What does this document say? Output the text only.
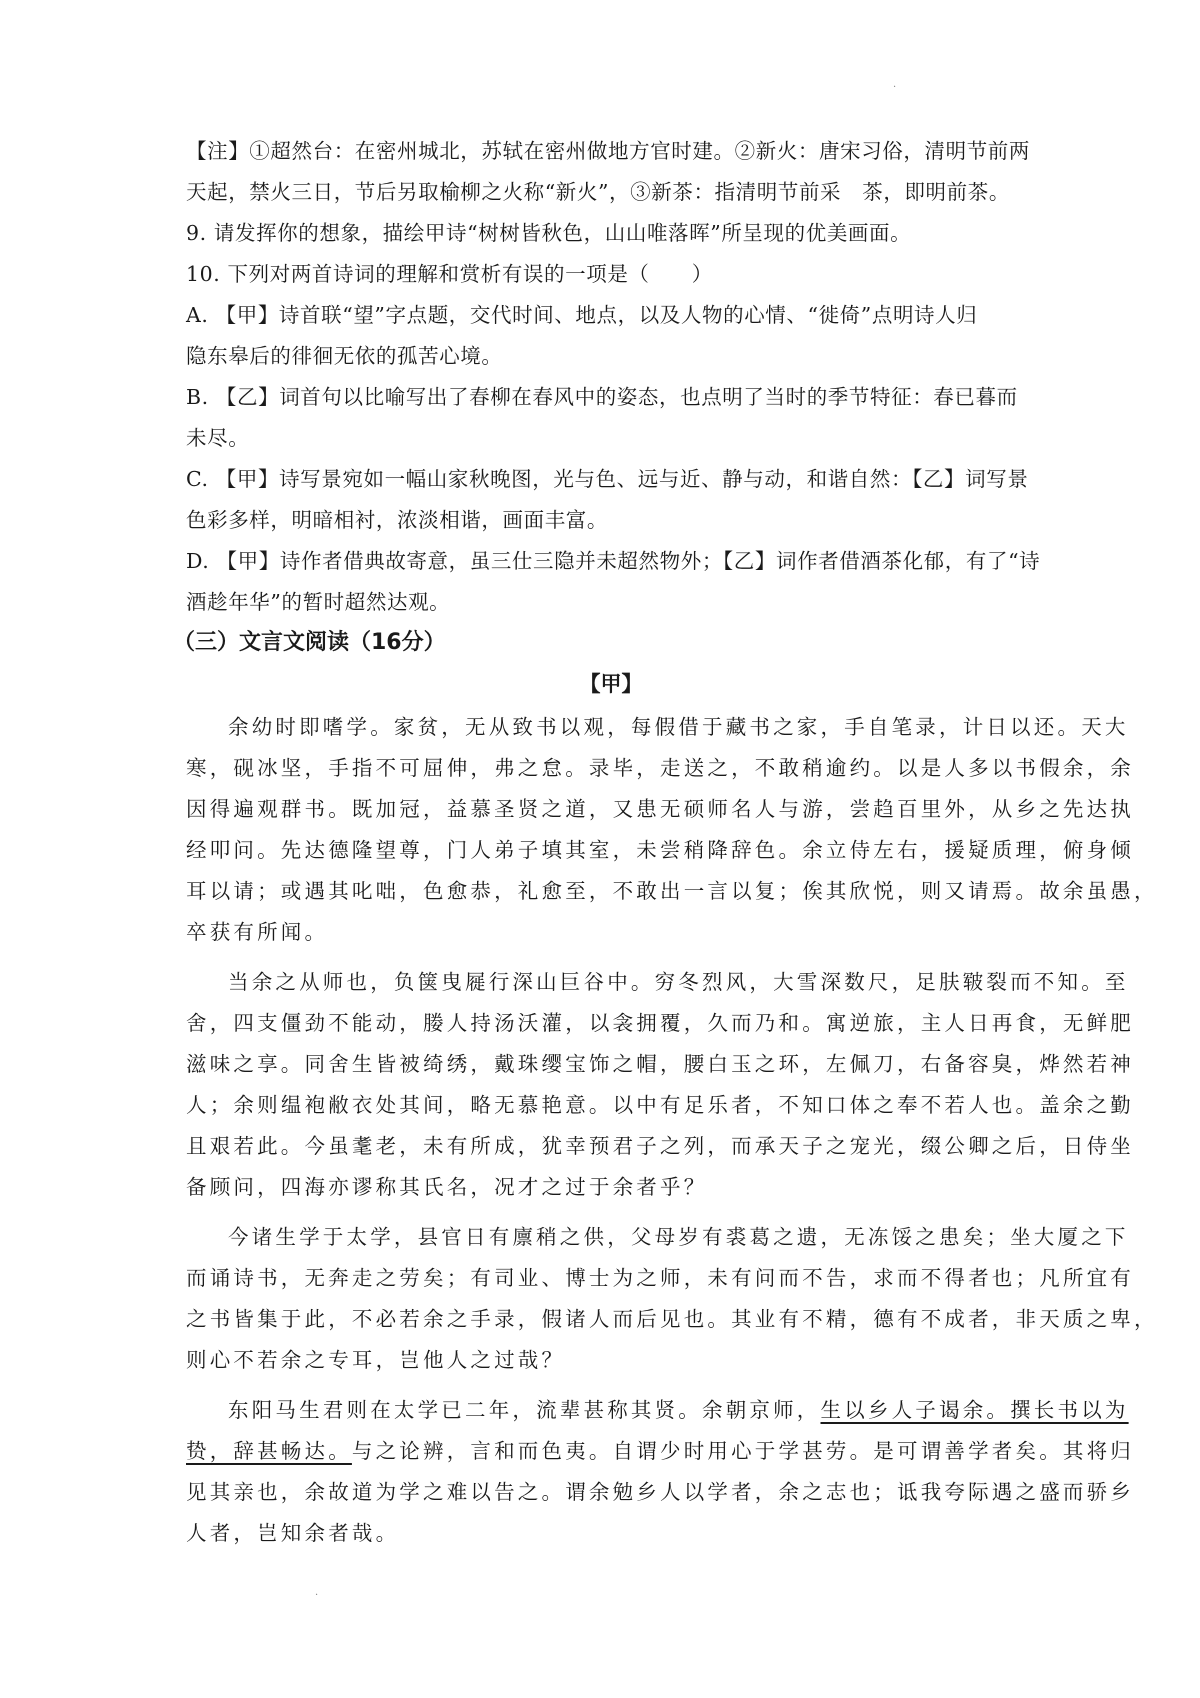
·
【注】①超然台：在密州城北，苏轼在密州做地方官时建。②新火：唐宋习俗，清明节前两
天起，禁火三日，节后另取榆柳之火称“新火”，③新茶：指清明节前采　茶，即明前茶。
9. 请发挥你的想象，描绘甲诗“树树皆秋色，山山唯落晖”所呈现的优美画面。
10. 下列对两首诗词的理解和赏析有误的一项是（　　）
A. 【甲】诗首联“望”字点题，交代时间、地点，以及人物的心情、“徙倚”点明诗人归
隐东皋后的徘徊无依的孤苦心境。
B. 【乙】词首句以比喻写出了春柳在春风中的姿态，也点明了当时的季节特征：春已暮而
未尽。
C. 【甲】诗写景宛如一幅山家秋晚图，光与色、远与近、静与动，和谐自然：【乙】词写景
色彩多样，明暗相衬，浓淡相谐，画面丰富。
D. 【甲】诗作者借典故寄意，虽三仕三隐并未超然物外；【乙】词作者借酒茶化郁，有了“诗
酒趁年华”的暂时超然达观。
（三）文言文阅读（16分）
【甲】
余幼时即嗜学。家贫，无从致书以观，每假借于藏书之家，手自笔录，计日以还。天大
寒，砚冰坚，手指不可屈伸，弗之怠。录毕，走送之，不敢稍逾约。以是人多以书假余，余
因得遍观群书。既加冠，益慕圣贤之道，又患无硕师名人与游，尝趋百里外，从乡之先达执
经叩问。先达德隆望尊，门人弟子填其室，未尝稍降辞色。余立侍左右，援疑质理，俯身倾
耳以请；或遇其叱咄，色愈恭，礼愈至，不敢出一言以复；俟其欣悦，则又请焉。故余虽愚，
卒获有所闻。
当余之从师也，负箧曳屣行深山巨谷中。穷冬烈风，大雪深数尺，足肤皲裂而不知。至
舍，四支僵劲不能动，媵人持汤沃灌，以衾拥覆，久而乃和。寓逆旅，主人日再食，无鲜肥
滋味之享。同舍生皆被绮绣，戴珠缨宝饰之帽，腰白玉之环，左佩刀，右备容臭，烨然若神
人；余则缊袍敝衣处其间，略无慕艳意。以中有足乐者，不知口体之奉不若人也。盖余之勤
且艰若此。今虽耄老，未有所成，犹幸预君子之列，而承天子之宠光，缀公卿之后，日侍坐
备顾问，四海亦谬称其氏名，况才之过于余者乎？
今诸生学于太学，县官日有廪稍之供，父母岁有裘葛之遗，无冻馁之患矣；坐大厦之下
而诵诗书，无奔走之劳矣；有司业、博士为之师，未有问而不告，求而不得者也；凡所宜有
之书皆集于此，不必若余之手录，假诸人而后见也。其业有不精，德有不成者，非天质之卑，
则心不若余之专耳，岂他人之过哉？
东阳马生君则在太学已二年，流辈甚称其贤。余朝京师，生以乡人子谒余。撰长书以为
贽，辞甚畅达。与之论辨，言和而色夷。自谓少时用心于学甚劳。是可谓善学者矣。其将归
见其亲也，余故道为学之难以告之。谓余勉乡人以学者，余之志也；诋我夸际遇之盛而骄乡
人者，岂知余者哉。
·
